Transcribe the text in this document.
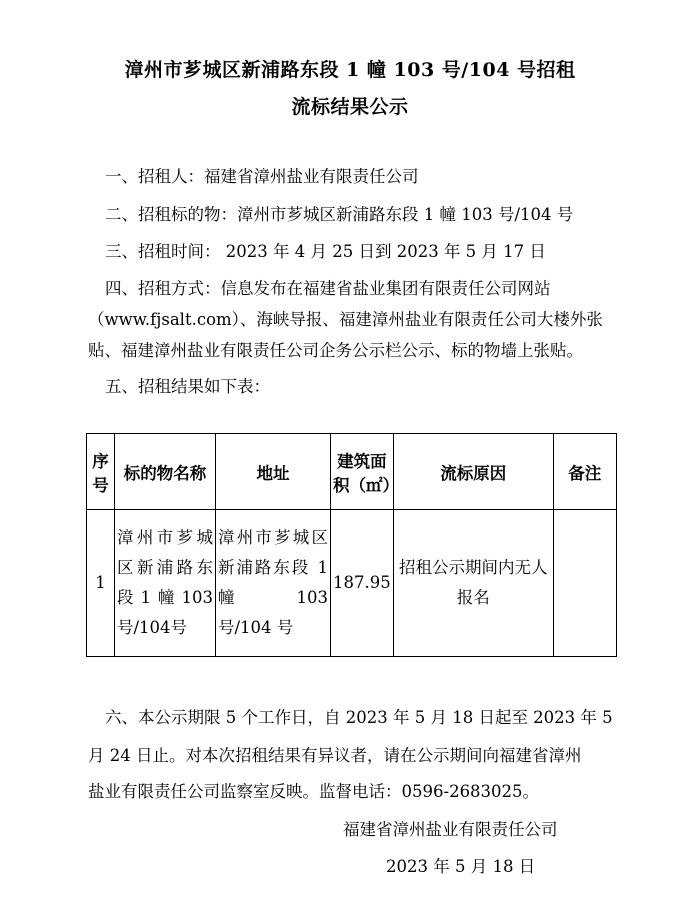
漳州市芗城区新浦路东段 1 幢 103 号/104 号招租
流标结果公示
一、招租人：福建省漳州盐业有限责任公司
二、招租标的物：漳州市芗城区新浦路东段 1 幢 103 号/104 号
三、招租时间： 2023 年 4 月 25 日到 2023 年 5 月 17 日
四、招租方式：信息发布在福建省盐业集团有限责任公司网站
（www.fjsalt.com）、海峡导报、福建漳州盐业有限责任公司大楼外张
贴、福建漳州盐业有限责任公司企务公示栏公示、标的物墙上张贴。
五、招租结果如下表：
序号	标的物名称	地址	建筑面积（㎡）	流标原因	备注
1	漳州市芗城区新浦路东段1幢103号/104号	漳州市芗城区新浦路东段 1 幢 103 号/104 号	187.95	招租公示期间内无人报名	
六、本公示期限 5 个工作日，自 2023 年 5 月 18 日起至 2023 年 5
月 24 日止。对本次招租结果有异议者，请在公示期间向福建省漳州
盐业有限责任公司监察室反映。监督电话：0596-2683025。
福建省漳州盐业有限责任公司
2023 年 5 月 18 日
